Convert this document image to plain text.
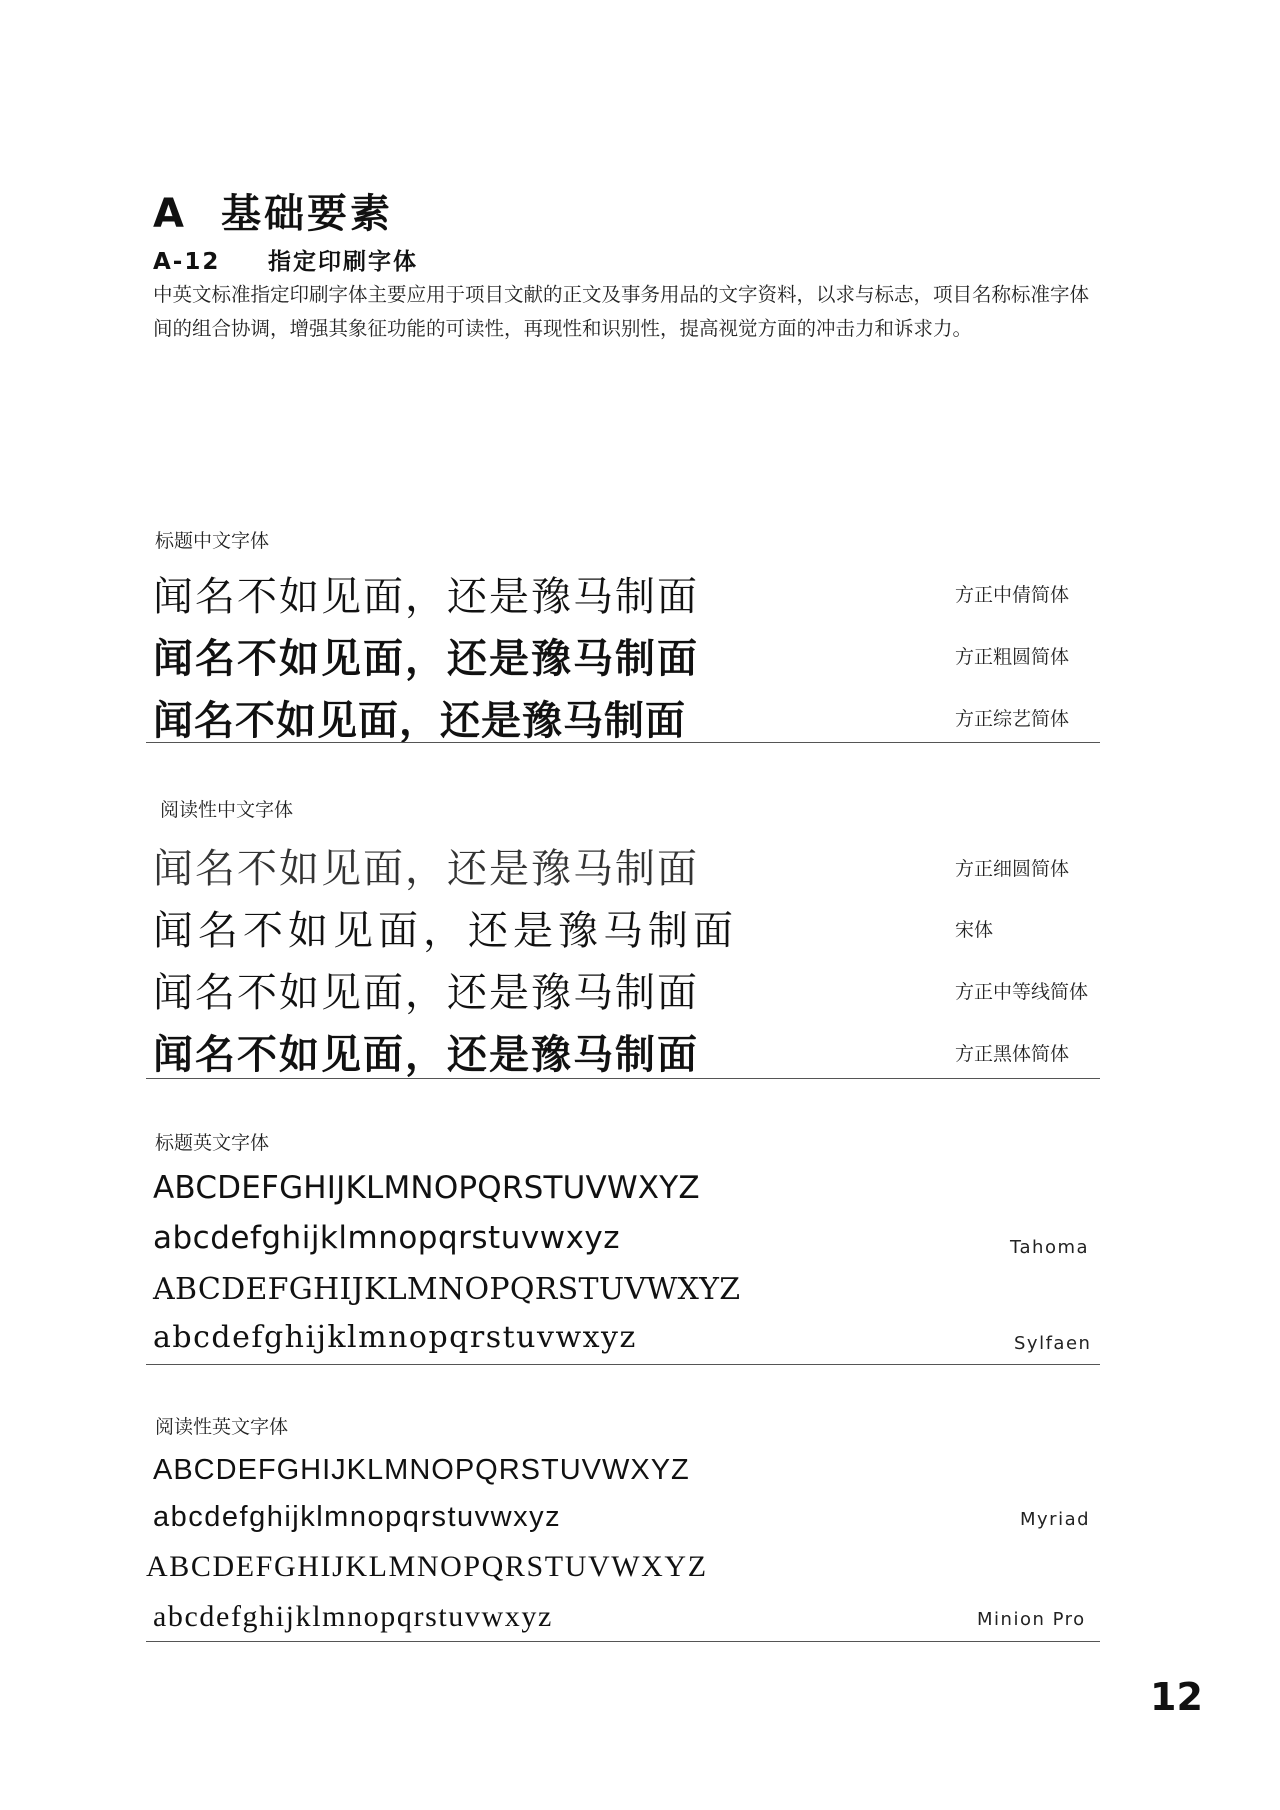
A 基础要素
A-12 指定印刷字体
中英文标准指定印刷字体主要应用于项目文献的正文及事务用品的文字资料，以求与标志，项目名称标准字体间的组合协调，增强其象征功能的可读性，再现性和识别性，提高视觉方面的冲击力和诉求力。
标题中文字体
闻名不如见面，还是豫马制面	方正中倩简体
闻名不如见面，还是豫马制面	方正粗圆简体
闻名不如见面，还是豫马制面	方正综艺简体
阅读性中文字体
闻名不如见面，还是豫马制面	方正细圆简体
闻名不如见面，还是豫马制面	宋体
闻名不如见面，还是豫马制面	方正中等线简体
闻名不如见面，还是豫马制面	方正黑体简体
标题英文字体
ABCDEFGHIJKLMNOPQRSTUVWXYZ
abcdefghijklmnopqrstuvwxyz	Tahoma
ABCDEFGHIJKLMNOPQRSTUVWXYZ
abcdefghijklmnopqrstuvwxyz	Sylfaen
阅读性英文字体
ABCDEFGHIJKLMNOPQRSTUVWXYZ
abcdefghijklmnopqrstuvwxyz	Myriad
ABCDEFGHIJKLMNOPQRSTUVWXYZ
abcdefghijklmnopqrstuvwxyz	Minion Pro
12
